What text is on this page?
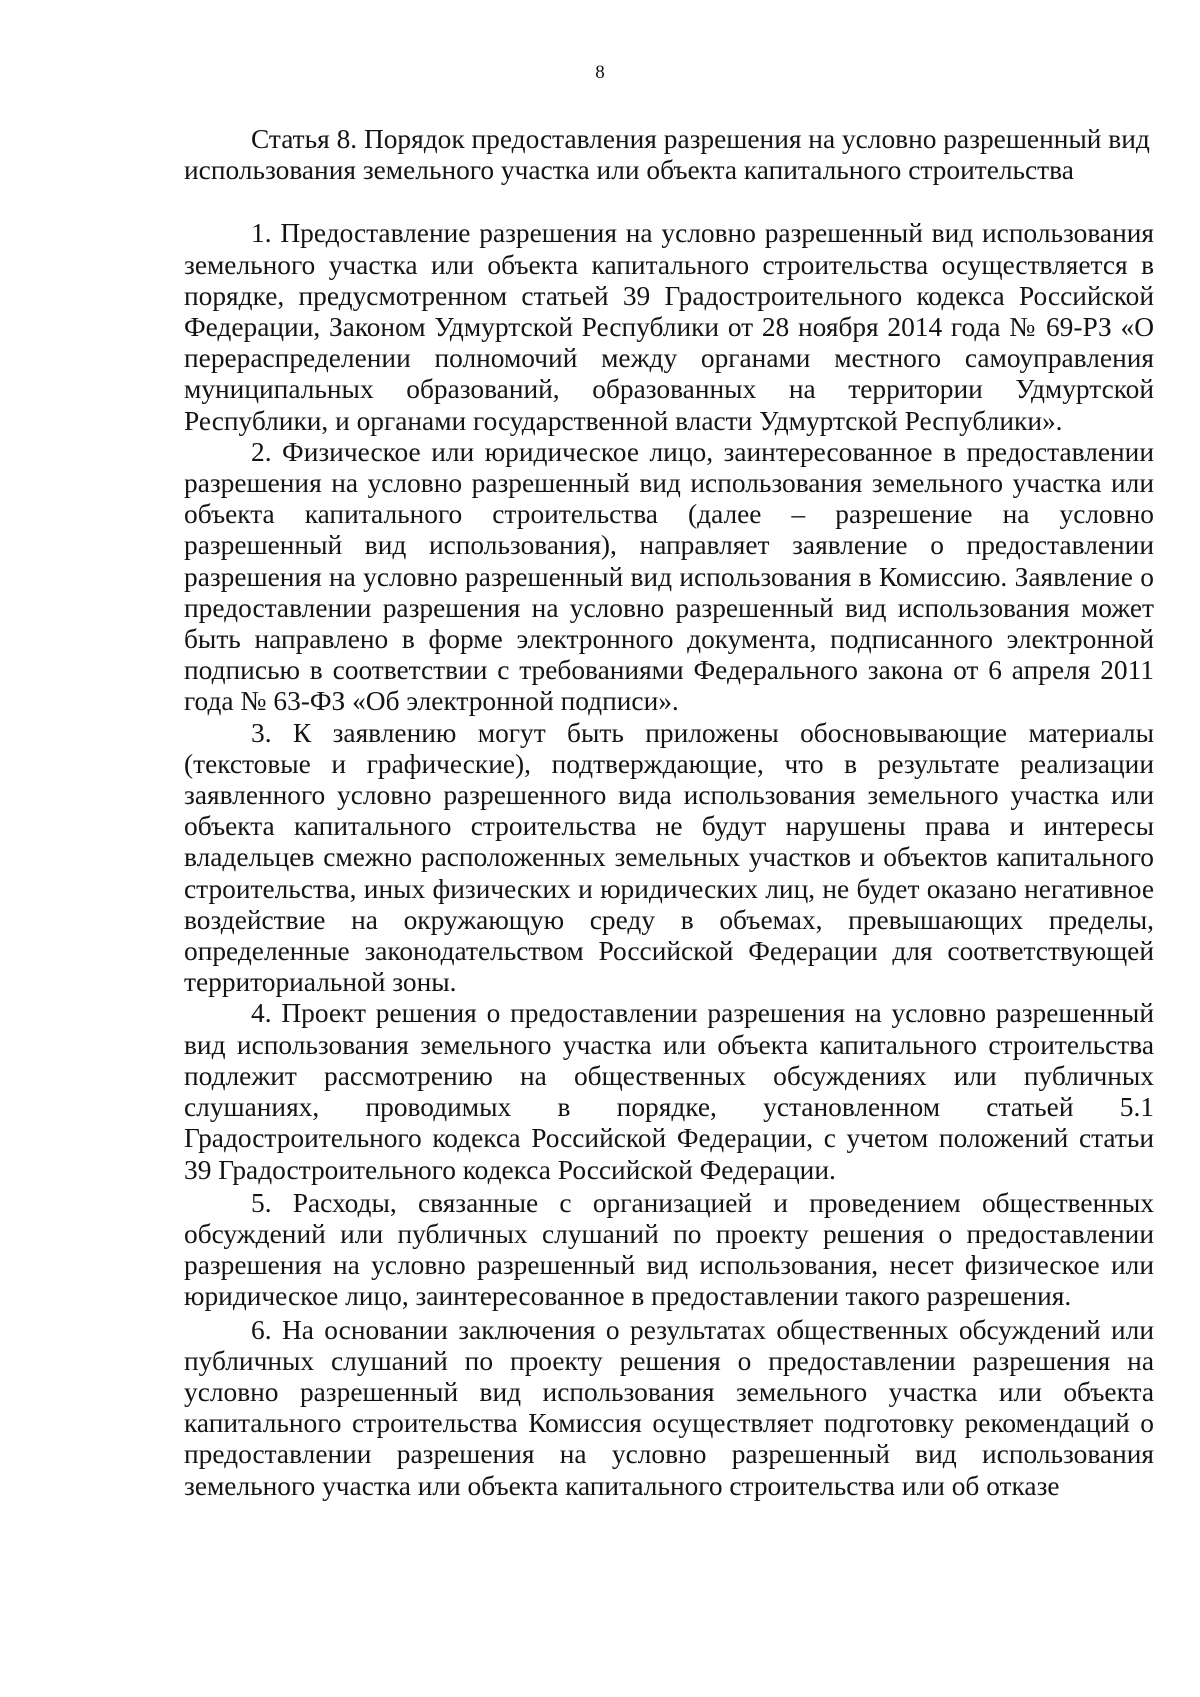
8

Статья 8. Порядок предоставления разрешения на условно разрешенный вид использования земельного участка или объекта капитального строительства

1. Предоставление разрешения на условно разрешенный вид использования земельного участка или объекта капитального строительства осуществляется в порядке, предусмотренном статьей 39 Градостроительного кодекса Российской Федерации, Законом Удмуртской Республики от 28 ноября 2014 года № 69-РЗ «О перераспределении полномочий между органами местного самоуправления муниципальных образований, образованных на территории Удмуртской Республики, и органами государственной власти Удмуртской Республики».

2. Физическое или юридическое лицо, заинтересованное в предоставлении разрешения на условно разрешенный вид использования земельного участка или объекта капитального строительства (далее – разрешение на условно разрешенный вид использования), направляет заявление о предоставлении разрешения на условно разрешенный вид использования в Комиссию. Заявление о предоставлении разрешения на условно разрешенный вид использования может быть направлено в форме электронного документа, подписанного электронной подписью в соответствии с требованиями Федерального закона от 6 апреля 2011 года № 63-ФЗ «Об электронной подписи».

3. К заявлению могут быть приложены обосновывающие материалы (текстовые и графические), подтверждающие, что в результате реализации заявленного условно разрешенного вида использования земельного участка или объекта капитального строительства не будут нарушены права и интересы владельцев смежно расположенных земельных участков и объектов капитального строительства, иных физических и юридических лиц, не будет оказано негативное воздействие на окружающую среду в объемах, превышающих пределы, определенные законодательством Российской Федерации для соответствующей территориальной зоны.

4. Проект решения о предоставлении разрешения на условно разрешенный вид использования земельного участка или объекта капитального строительства подлежит рассмотрению на общественных обсуждениях или публичных слушаниях, проводимых в порядке, установленном статьей 5.1 Градостроительного кодекса Российской Федерации, с учетом положений статьи 39 Градостроительного кодекса Российской Федерации.

5. Расходы, связанные с организацией и проведением общественных обсуждений или публичных слушаний по проекту решения о предоставлении разрешения на условно разрешенный вид использования, несет физическое или юридическое лицо, заинтересованное в предоставлении такого разрешения.

6. На основании заключения о результатах общественных обсуждений или публичных слушаний по проекту решения о предоставлении разрешения на условно разрешенный вид использования земельного участка или объекта капитального строительства Комиссия осуществляет подготовку рекомендаций о предоставлении разрешения на условно разрешенный вид использования земельного участка или объекта капитального строительства или об отказе
